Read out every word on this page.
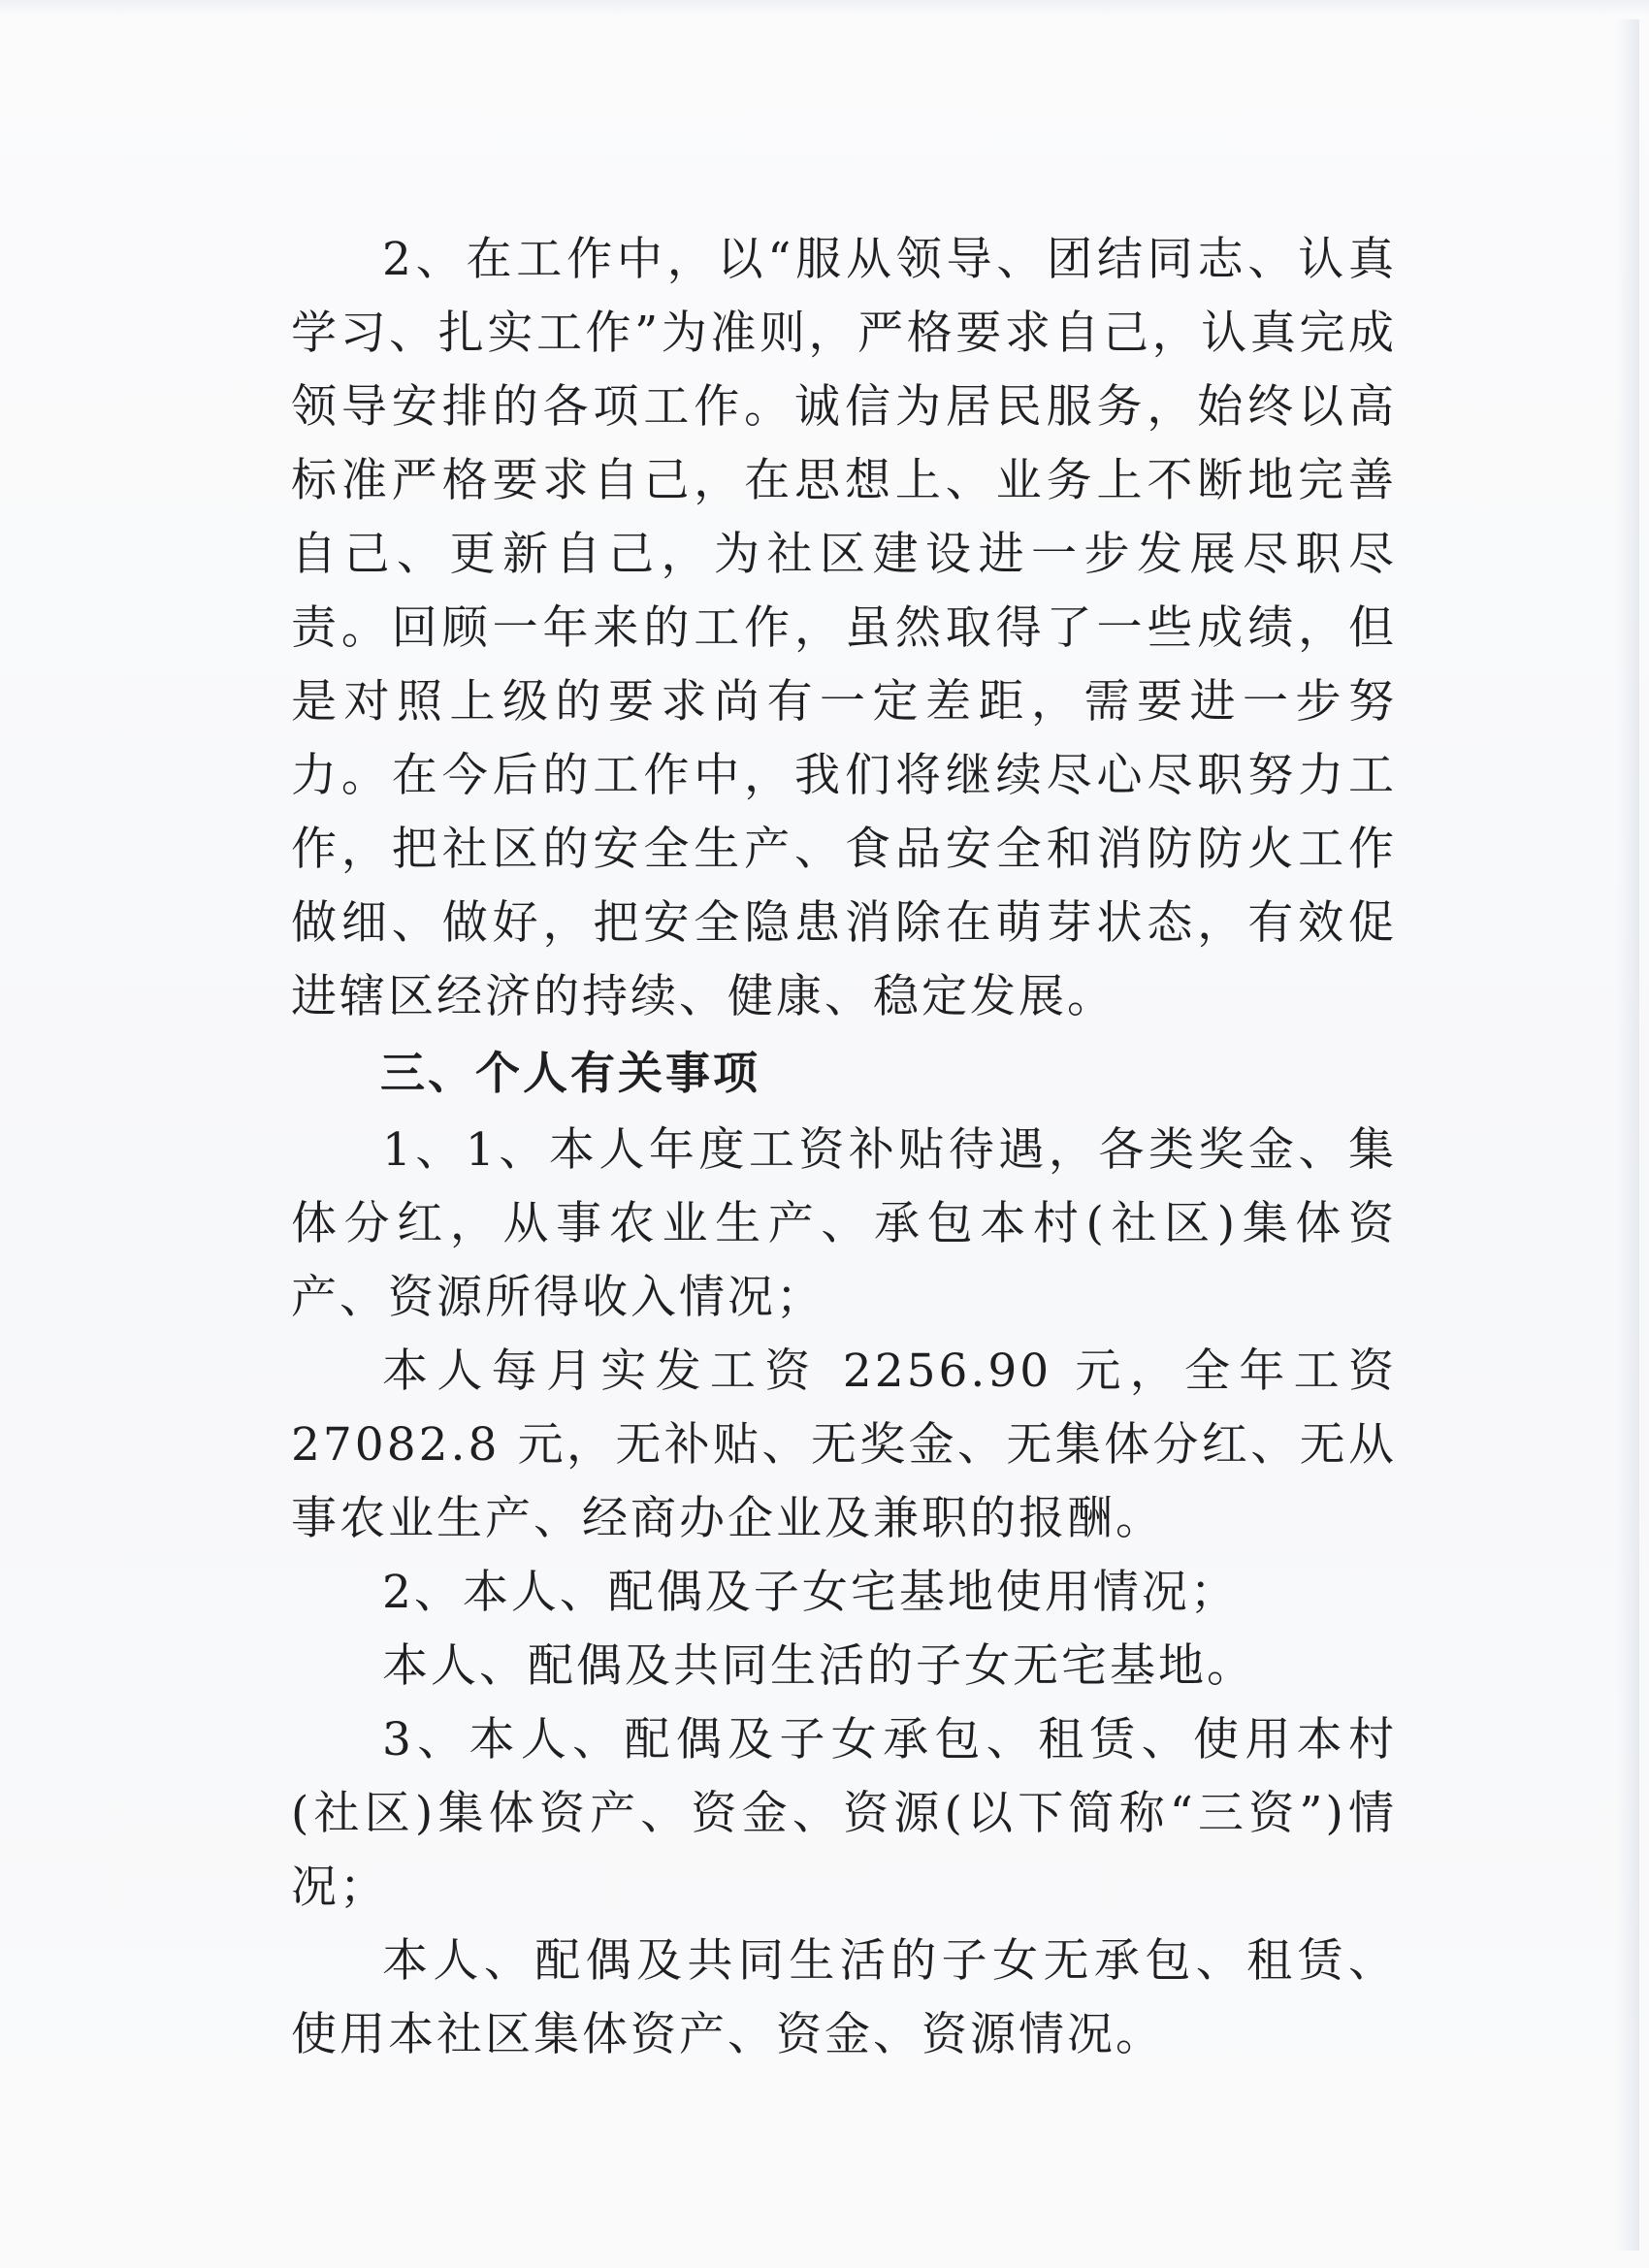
2、在工作中，以“服从领导、团结同志、认真学习、扎实工作”为准则，严格要求自己，认真完成领导安排的各项工作。诚信为居民服务，始终以高标准严格要求自己，在思想上、业务上不断地完善自己、更新自己，为社区建设进一步发展尽职尽责。回顾一年来的工作，虽然取得了一些成绩，但是对照上级的要求尚有一定差距，需要进一步努力。在今后的工作中，我们将继续尽心尽职努力工作，把社区的安全生产、食品安全和消防防火工作做细、做好，把安全隐患消除在萌芽状态，有效促进辖区经济的持续、健康、稳定发展。

三、个人有关事项

1、1、本人年度工资补贴待遇，各类奖金、集体分红，从事农业生产、承包本村(社区)集体资产、资源所得收入情况；

本人每月实发工资 2256.90 元，全年工资 27082.8 元，无补贴、无奖金、无集体分红、无从事农业生产、经商办企业及兼职的报酬。

2、本人、配偶及子女宅基地使用情况；

本人、配偶及共同生活的子女无宅基地。

3、本人、配偶及子女承包、租赁、使用本村(社区)集体资产、资金、资源(以下简称“三资”)情况；

本人、配偶及共同生活的子女无承包、租赁、使用本社区集体资产、资金、资源情况。
